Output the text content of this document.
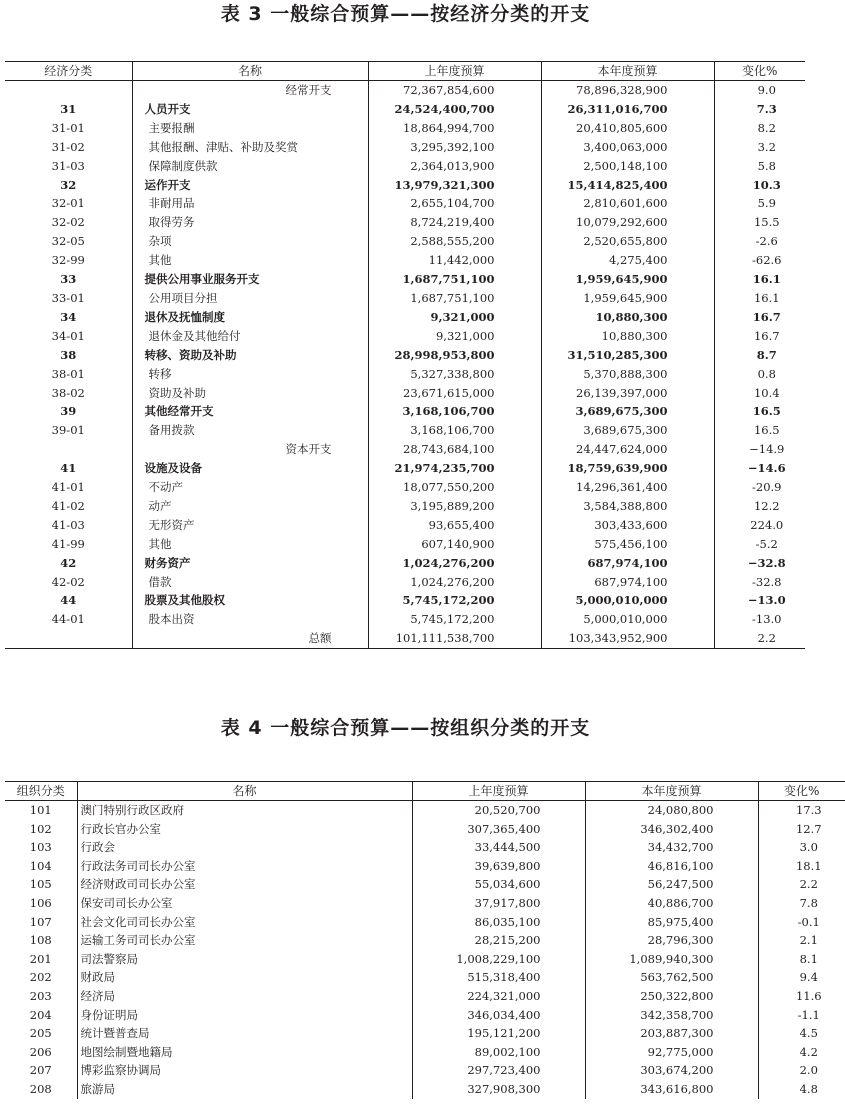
表 3 一般综合预算——按经济分类的开支
经济分类	名称	上年度预算	本年度预算	变化%
	经常开支	72,367,854,600	78,896,328,900	9.0
31	人员开支	24,524,400,700	26,311,016,700	7.3
31-01	主要报酬	18,864,994,700	20,410,805,600	8.2
31-02	其他报酬、津贴、补助及奖赏	3,295,392,100	3,400,063,000	3.2
31-03	保障制度供款	2,364,013,900	2,500,148,100	5.8
32	运作开支	13,979,321,300	15,414,825,400	10.3
32-01	非耐用品	2,655,104,700	2,810,601,600	5.9
32-02	取得劳务	8,724,219,400	10,079,292,600	15.5
32-05	杂项	2,588,555,200	2,520,655,800	-2.6
32-99	其他	11,442,000	4,275,400	-62.6
33	提供公用事业服务开支	1,687,751,100	1,959,645,900	16.1
33-01	公用项目分担	1,687,751,100	1,959,645,900	16.1
34	退休及抚恤制度	9,321,000	10,880,300	16.7
34-01	退休金及其他给付	9,321,000	10,880,300	16.7
38	转移、资助及补助	28,998,953,800	31,510,285,300	8.7
38-01	转移	5,327,338,800	5,370,888,300	0.8
38-02	资助及补助	23,671,615,000	26,139,397,000	10.4
39	其他经常开支	3,168,106,700	3,689,675,300	16.5
39-01	备用拨款	3,168,106,700	3,689,675,300	16.5
	资本开支	28,743,684,100	24,447,624,000	−14.9
41	设施及设备	21,974,235,700	18,759,639,900	−14.6
41-01	不动产	18,077,550,200	14,296,361,400	-20.9
41-02	动产	3,195,889,200	3,584,388,800	12.2
41-03	无形资产	93,655,400	303,433,600	224.0
41-99	其他	607,140,900	575,456,100	-5.2
42	财务资产	1,024,276,200	687,974,100	−32.8
42-02	借款	1,024,276,200	687,974,100	-32.8
44	股票及其他股权	5,745,172,200	5,000,010,000	−13.0
44-01	股本出资	5,745,172,200	5,000,010,000	-13.0
	总额	101,111,538,700	103,343,952,900	2.2
表 4 一般综合预算——按组织分类的开支
组织分类	名称	上年度预算	本年度预算	变化%
101	澳门特别行政区政府	20,520,700	24,080,800	17.3
102	行政长官办公室	307,365,400	346,302,400	12.7
103	行政会	33,444,500	34,432,700	3.0
104	行政法务司司长办公室	39,639,800	46,816,100	18.1
105	经济财政司司长办公室	55,034,600	56,247,500	2.2
106	保安司司长办公室	37,917,800	40,886,700	7.8
107	社会文化司司长办公室	86,035,100	85,975,400	-0.1
108	运输工务司司长办公室	28,215,200	28,796,300	2.1
201	司法警察局	1,008,229,100	1,089,940,300	8.1
202	财政局	515,318,400	563,762,500	9.4
203	经济局	224,321,000	250,322,800	11.6
204	身份证明局	346,034,400	342,358,700	-1.1
205	统计暨普查局	195,121,200	203,887,300	4.5
206	地图绘制暨地籍局	89,002,100	92,775,000	4.2
207	博彩监察协调局	297,723,400	303,674,200	2.0
208	旅游局	327,908,300	343,616,800	4.8
